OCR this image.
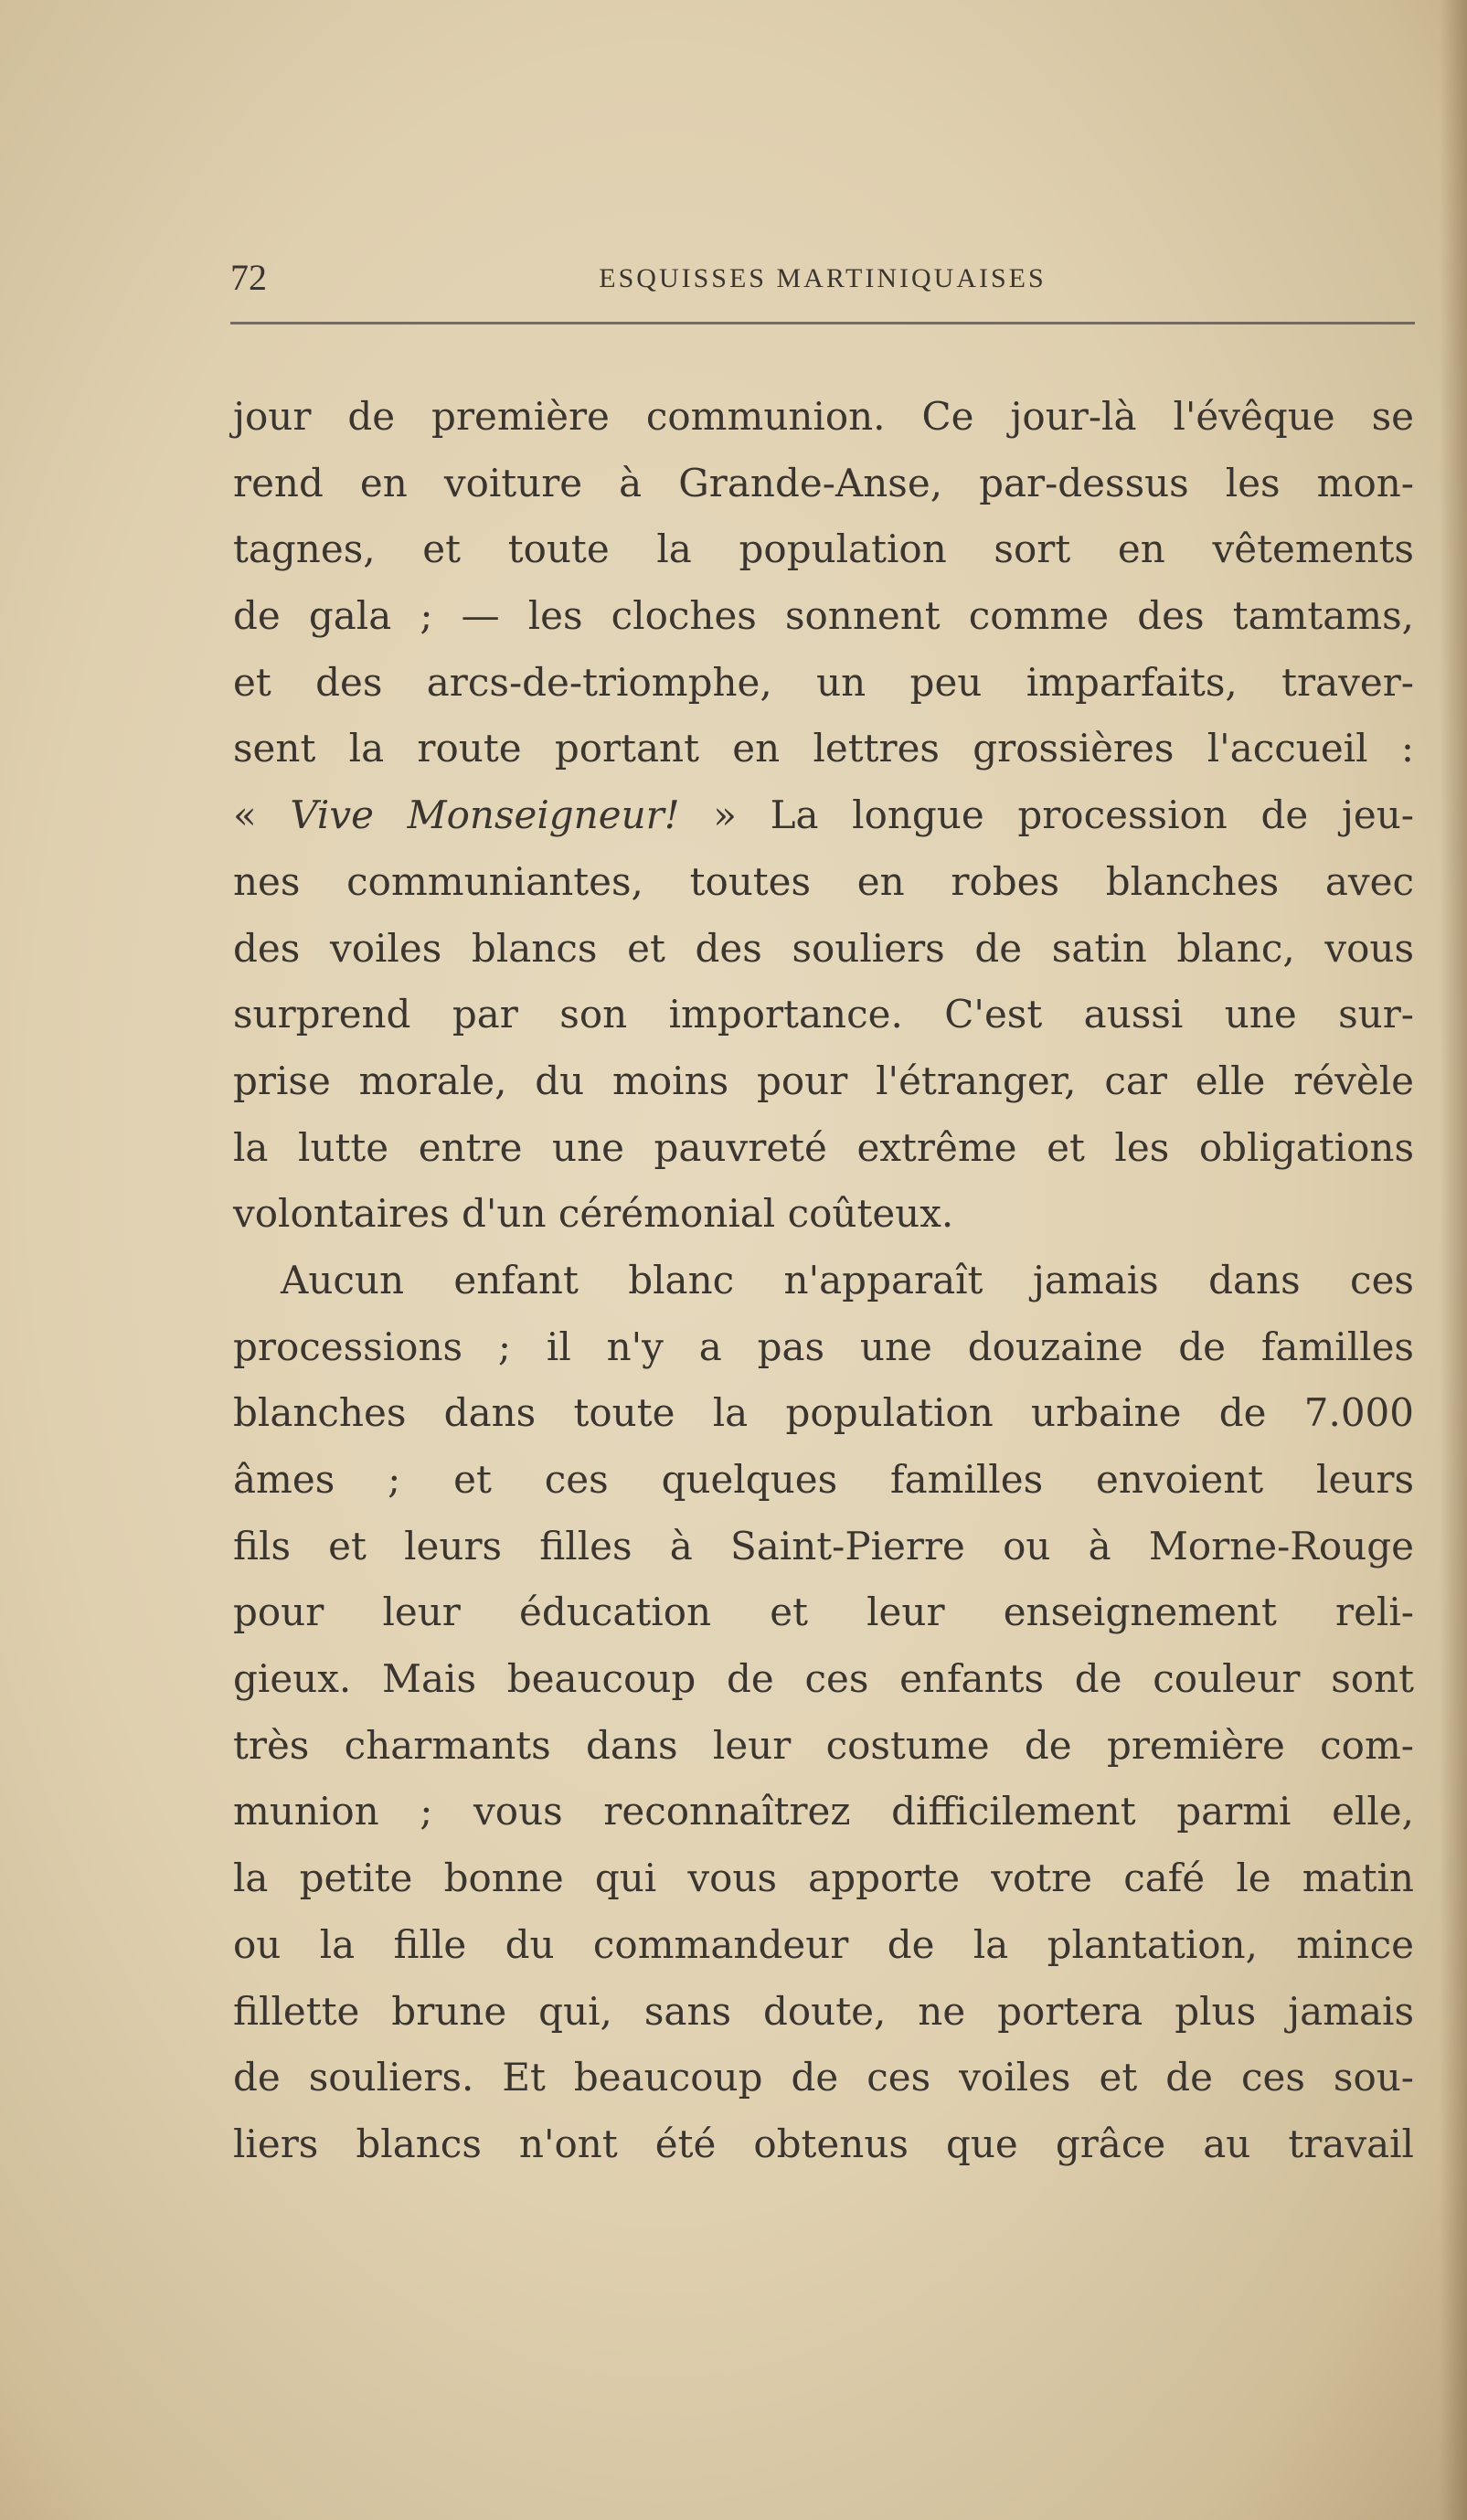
72	ESQUISSES MARTINIQUAISES
jour de première communion. Ce jour-là l'évêque se
rend en voiture à Grande-Anse, par-dessus les mon-
tagnes, et toute la population sort en vêtements
de gala ; — les cloches sonnent comme des tamtams,
et des arcs-de-triomphe, un peu imparfaits, traver-
sent la route portant en lettres grossières l'accueil :
« Vive Monseigneur! » La longue procession de jeu-
nes communiantes, toutes en robes blanches avec
des voiles blancs et des souliers de satin blanc, vous
surprend par son importance. C'est aussi une sur-
prise morale, du moins pour l'étranger, car elle révèle
la lutte entre une pauvreté extrême et les obligations
volontaires d'un cérémonial coûteux.
Aucun enfant blanc n'apparaît jamais dans ces
processions ; il n'y a pas une douzaine de familles
blanches dans toute la population urbaine de 7.000
âmes ; et ces quelques familles envoient leurs
fils et leurs filles à Saint-Pierre ou à Morne-Rouge
pour leur éducation et leur enseignement reli-
gieux. Mais beaucoup de ces enfants de couleur sont
très charmants dans leur costume de première com-
munion ; vous reconnaîtrez difficilement parmi elle,
la petite bonne qui vous apporte votre café le matin
ou la fille du commandeur de la plantation, mince
fillette brune qui, sans doute, ne portera plus jamais
de souliers. Et beaucoup de ces voiles et de ces sou-
liers blancs n'ont été obtenus que grâce au travail
